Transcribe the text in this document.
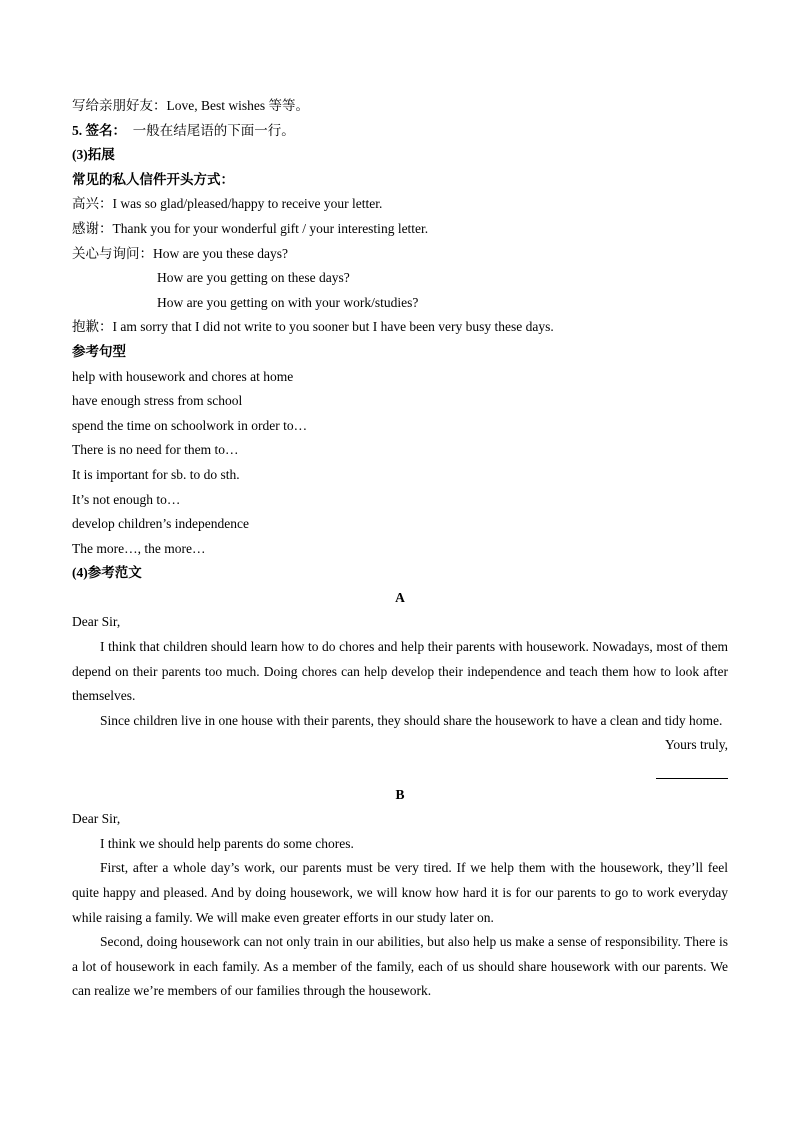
写给亲朋好友：Love, Best wishes 等等。
5. 签名： 一般在结尾语的下面一行。
(3)拓展
常见的私人信件开头方式：
高兴：I was so glad/pleased/happy to receive your letter.
感谢：Thank you for your wonderful gift / your interesting letter.
关心与询问：How are you these days?
How are you getting on these days?
How are you getting on with your work/studies?
抱歉：I am sorry that I did not write to you sooner but I have been very busy these days.
参考句型
help with housework and chores at home
have enough stress from school
spend the time on schoolwork in order to…
There is no need for them to…
It is important for sb. to do sth.
It’s not enough to…
develop children’s independence
The more…, the more…
(4)参考范文
A
Dear Sir,
I think that children should learn how to do chores and help their parents with housework. Nowadays, most of them depend on their parents too much. Doing chores can help develop their independence and teach them how to look after themselves.
Since children live in one house with their parents, they should share the housework to have a clean and tidy home.
Yours truly,
B
Dear Sir,
I think we should help parents do some chores.
First, after a whole day’s work, our parents must be very tired. If we help them with the housework, they’ll feel quite happy and pleased. And by doing housework, we will know how hard it is for our parents to go to work everyday while raising a family. We will make even greater efforts in our study later on.
Second, doing housework can not only train in our abilities, but also help us make a sense of responsibility. There is a lot of housework in each family. As a member of the family, each of us should share housework with our parents. We can realize we’re members of our families through the housework.
